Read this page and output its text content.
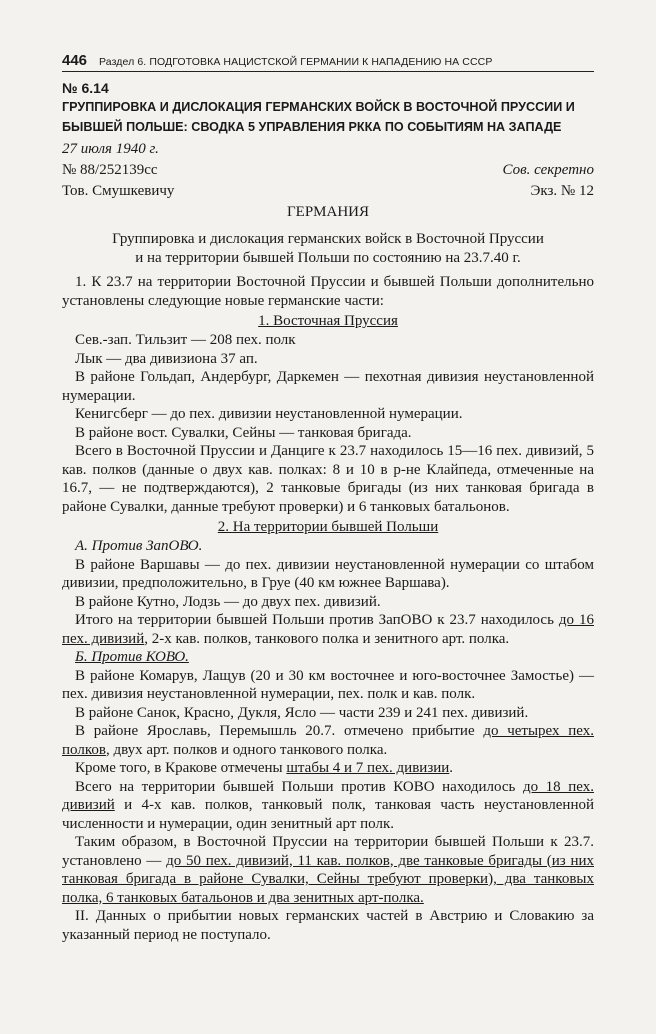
446 Раздел 6. ПОДГОТОВКА НАЦИСТСКОЙ ГЕРМАНИИ К НАПАДЕНИЮ НА СССР
№ 6.14
ГРУППИРОВКА И ДИСЛОКАЦИЯ ГЕРМАНСКИХ ВОЙСК В ВОСТОЧНОЙ ПРУССИИ И БЫВШЕЙ ПОЛЬШЕ: СВОДКА 5 УПРАВЛЕНИЯ РККА ПО СОБЫТИЯМ НА ЗАПАДЕ
27 июля 1940 г.
№ 88/252139сс	Сов. секретно
Тов. Смушкевичу	Экз. № 12
ГЕРМАНИЯ
Группировка и дислокация германских войск в Восточной Пруссии
и на территории бывшей Польши по состоянию на 23.7.40 г.

1. К 23.7 на территории Восточной Пруссии и бывшей Польши дополнительно установлены следующие новые германские части:

1. Восточная Пруссия

Сев.-зап. Тильзит — 208 пех. полк

Лык — два дивизиона 37 ап.

В районе Гольдап, Андербург, Даркемен — пехотная дивизия неустановленной нумерации.

Кенигсберг — до пех. дивизии неустановленной нумерации.

В районе вост. Сувалки, Сейны — танковая бригада.

Всего в Восточной Пруссии и Данциге к 23.7 находилось 15—16 пех. дивизий, 5 кав. полков (данные о двух кав. полках: 8 и 10 в р-не Клайпеда, отмеченные на 16.7, — не подтверждаются), 2 танковые бригады (из них танковая бригада в районе Сувалки, данные требуют проверки) и 6 танковых батальонов.

2. На территории бывшей Польши

А. Против ЗапОВО.

В районе Варшавы — до пех. дивизии неустановленной нумерации со штабом дивизии, предположительно, в Груе (40 км южнее Варшава).

В районе Кутно, Лодзь — до двух пех. дивизий.

Итого на территории бывшей Польши против ЗапОВО к 23.7 находилось до 16 пех. дивизий, 2-х кав. полков, танкового полка и зенитного арт. полка.

Б. Против КОВО.

В районе Комарув, Лащув (20 и 30 км восточнее и юго-восточнее Замостье) — пех. дивизия неустановленной нумерации, пех. полк и кав. полк.

В районе Санок, Красно, Дукля, Ясло — части 239 и 241 пех. дивизий.

В районе Ярославь, Перемышль 20.7. отмечено прибытие до четырех пех. полков, двух арт. полков и одного танкового полка.

Кроме того, в Кракове отмечены штабы 4 и 7 пех. дивизии.

Всего на территории бывшей Польши против КОВО находилось до 18 пех. дивизий и 4-х кав. полков, танковый полк, танковая часть неустановленной численности и нумерации, один зенитный арт полк.

Таким образом, в Восточной Пруссии на территории бывшей Польши к 23.7. установлено — до 50 пех. дивизий, 11 кав. полков, две танковые бригады (из них танковая бригада в районе Сувалки, Сейны требуют проверки), два танковых полка, 6 танковых батальонов и два зенитных арт-полка.

II. Данных о прибытии новых германских частей в Австрию и Словакию за указанный период не поступало.
